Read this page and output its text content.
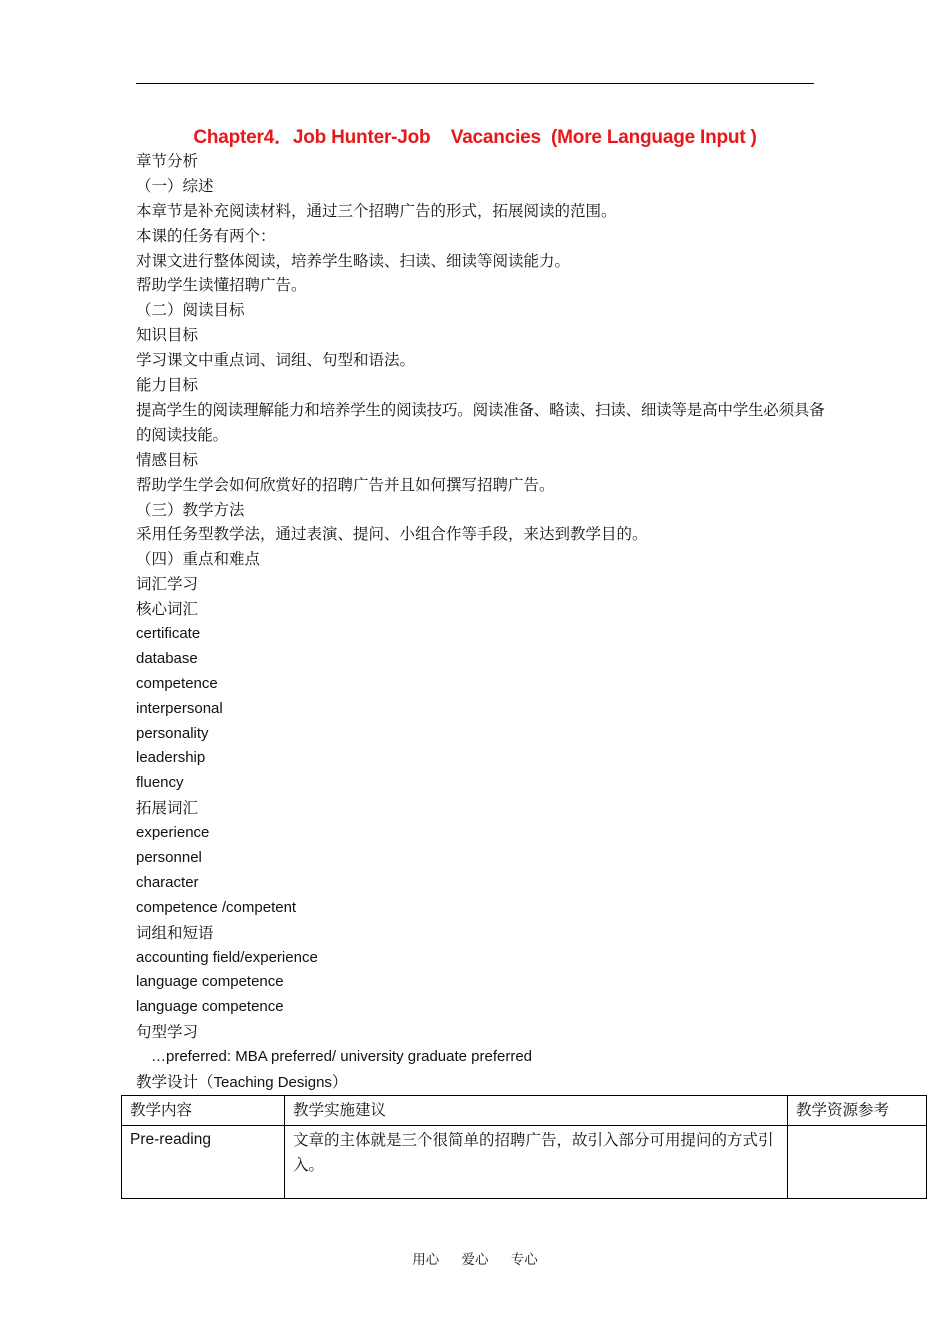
Chapter4．Job Hunter-Job    Vacancies  (More Language Input )
章节分析
（一）综述
本章节是补充阅读材料，通过三个招聘广告的形式，拓展阅读的范围。
本课的任务有两个：
对课文进行整体阅读，培养学生略读、扫读、细读等阅读能力。
帮助学生读懂招聘广告。
（二）阅读目标
知识目标
学习课文中重点词、词组、句型和语法。
能力目标
提高学生的阅读理解能力和培养学生的阅读技巧。阅读准备、略读、扫读、细读等是高中学生必须具备的阅读技能。
情感目标
帮助学生学会如何欣赏好的招聘广告并且如何撰写招聘广告。
（三）教学方法
采用任务型教学法，通过表演、提问、小组合作等手段，来达到教学目的。
（四）重点和难点
词汇学习
核心词汇
certificate
database
competence
interpersonal
personality
leadership
fluency
拓展词汇
experience
personnel
character
competence /competent
词组和短语
accounting field/experience
language competence
language competence
句型学习
…preferred: MBA preferred/ university graduate preferred
教学设计（Teaching Designs）
教学内容	教学实施建议	教学资源参考
Pre-reading	文章的主体就是三个很简单的招聘广告，故引入部分可用提问的方式引入。	
用心 爱心 专心
